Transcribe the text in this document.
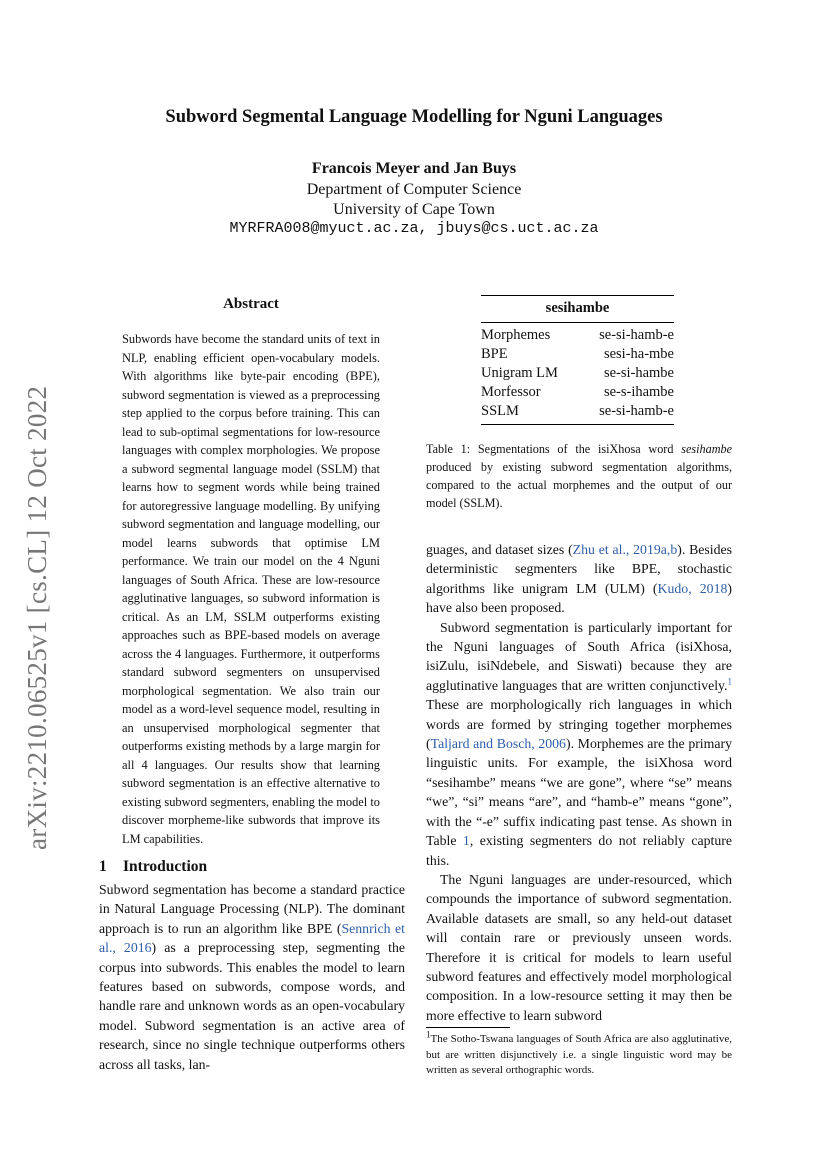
Subword Segmental Language Modelling for Nguni Languages
Francois Meyer and Jan Buys
Department of Computer Science
University of Cape Town
MYRFRA008@myuct.ac.za, jbuys@cs.uct.ac.za
arXiv:2210.06525v1 [cs.CL] 12 Oct 2022
Abstract
Subwords have become the standard units of text in NLP, enabling efficient open-vocabulary models. With algorithms like byte-pair encoding (BPE), subword segmentation is viewed as a preprocessing step applied to the corpus before training. This can lead to sub-optimal segmentations for low-resource languages with complex morphologies. We propose a subword segmental language model (SSLM) that learns how to segment words while being trained for autoregressive language modelling. By unifying subword segmentation and language modelling, our model learns subwords that optimise LM performance. We train our model on the 4 Nguni languages of South Africa. These are low-resource agglutinative languages, so subword information is critical. As an LM, SSLM outperforms existing approaches such as BPE-based models on average across the 4 languages. Furthermore, it outperforms standard subword segmenters on unsupervised morphological segmentation. We also train our model as a word-level sequence model, resulting in an unsupervised morphological segmenter that outperforms existing methods by a large margin for all 4 languages. Our results show that learning subword segmentation is an effective alternative to existing subword segmenters, enabling the model to discover morpheme-like subwords that improve its LM capabilities.
1 Introduction

Subword segmentation has become a standard practice in Natural Language Processing (NLP). The dominant approach is to run an algorithm like BPE (Sennrich et al., 2016) as a preprocessing step, segmenting the corpus into subwords. This enables the model to learn features based on subwords, compose words, and handle rare and unknown words as an open-vocabulary model. Subword segmentation is an active area of research, since no single technique outperforms others across all tasks, lan-

sesihambe	
Morphemes	se-si-hamb-e
BPE	sesi-ha-mbe
Unigram LM	se-si-hambe
Morfessor	se-s-ihambe
SSLM	se-si-hamb-e
Table 1: Segmentations of the isiXhosa word sesihambe produced by existing subword segmentation algorithms, compared to the actual morphemes and the output of our model (SSLM).

guages, and dataset sizes (Zhu et al., 2019a,b). Besides deterministic segmenters like BPE, stochastic algorithms like unigram LM (ULM) (Kudo, 2018) have also been proposed.

Subword segmentation is particularly important for the Nguni languages of South Africa (isiXhosa, isiZulu, isiNdebele, and Siswati) because they are agglutinative languages that are written conjunctively.$^1$ These are morphologically rich languages in which words are formed by stringing together morphemes (Taljard and Bosch, 2006). Morphemes are the primary linguistic units. For example, the isiXhosa word “sesihambe” means “we are gone”, where “se” means “we”, “si” means “are”, and “hamb-e” means “gone”, with the “-e” suffix indicating past tense. As shown in Table 1, existing segmenters do not reliably capture this.

The Nguni languages are under-resourced, which compounds the importance of subword segmentation. Available datasets are small, so any held-out dataset will contain rare or previously unseen words. Therefore it is critical for models to learn useful subword features and effectively model morphological composition. In a low-resource setting it may then be more effective to learn subword

$^1$The Sotho-Tswana languages of South Africa are also agglutinative, but are written disjunctively i.e. a single linguistic word may be written as several orthographic words.
